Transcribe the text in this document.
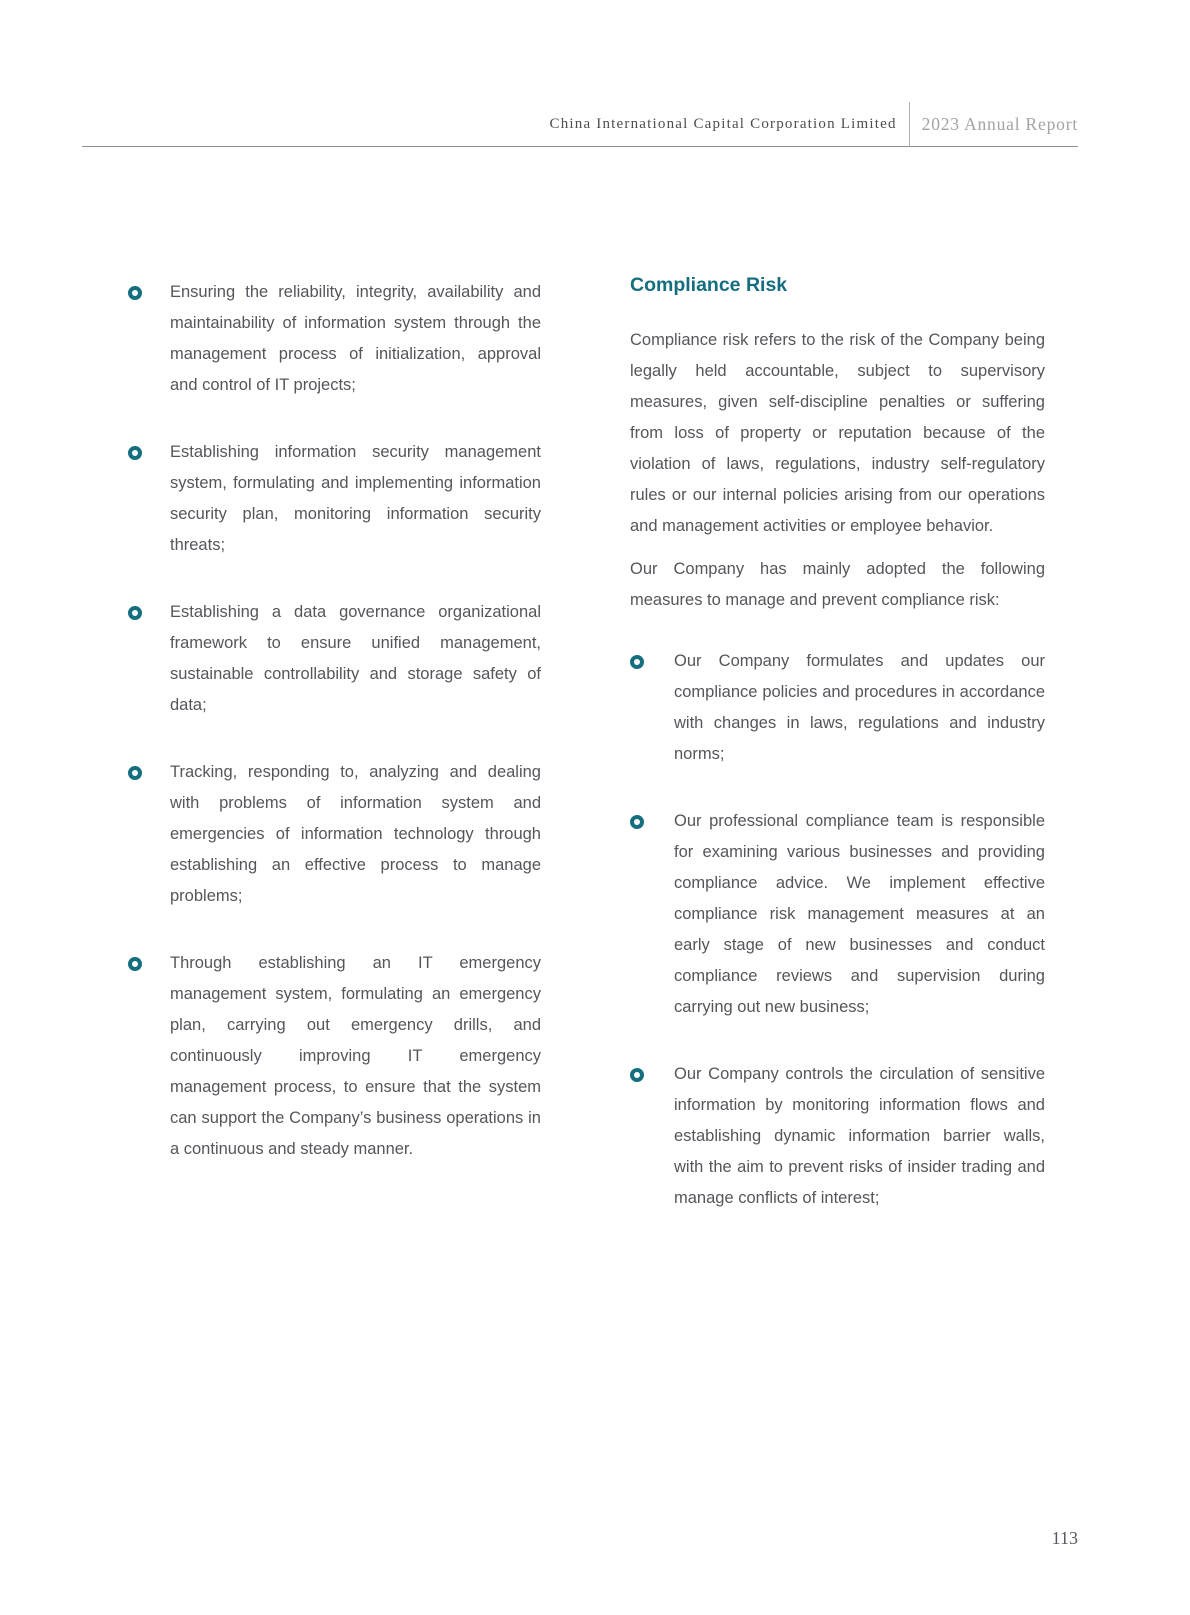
China International Capital Corporation Limited	2023 Annual Report
Ensuring the reliability, integrity, availability and maintainability of information system through the management process of initialization, approval and control of IT projects;
Establishing information security management system, formulating and implementing information security plan, monitoring information security threats;
Establishing a data governance organizational framework to ensure unified management, sustainable controllability and storage safety of data;
Tracking, responding to, analyzing and dealing with problems of information system and emergencies of information technology through establishing an effective process to manage problems;
Through establishing an IT emergency management system, formulating an emergency plan, carrying out emergency drills, and continuously improving IT emergency management process, to ensure that the system can support the Company’s business operations in a continuous and steady manner.
Compliance Risk

Compliance risk refers to the risk of the Company being legally held accountable, subject to supervisory measures, given self-discipline penalties or suffering from loss of property or reputation because of the violation of laws, regulations, industry self-regulatory rules or our internal policies arising from our operations and management activities or employee behavior.

Our Company has mainly adopted the following measures to manage and prevent compliance risk:

Our Company formulates and updates our compliance policies and procedures in accordance with changes in laws, regulations and industry norms;
Our professional compliance team is responsible for examining various businesses and providing compliance advice. We implement effective compliance risk management measures at an early stage of new businesses and conduct compliance reviews and supervision during carrying out new business;
Our Company controls the circulation of sensitive information by monitoring information flows and establishing dynamic information barrier walls, with the aim to prevent risks of insider trading and manage conflicts of interest;
113
